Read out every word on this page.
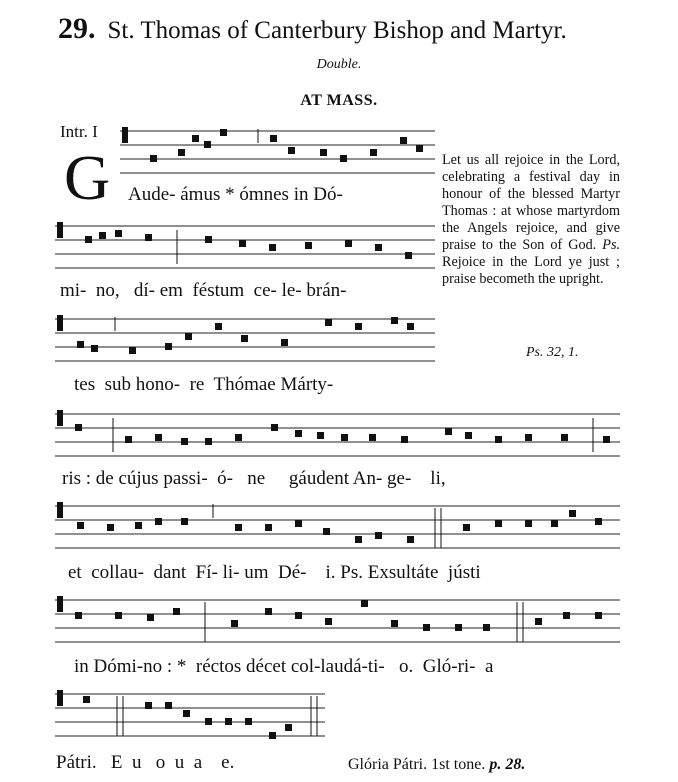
29. St. Thomas of Canterbury Bishop and Martyr.
Double.
AT MASS.
Intr. I
G Aude- ámus * ómnes in Dó-
mi-  no,   dí- em  féstum  ce- le- brán-
tes  sub hono-  re  Thómae Márty-
ris : de cújus passi-  ó-   ne     gáudent An- ge-    li,
et  collau-  dant  Fí- li- um  Dé-    i. Ps. Exsultáte  jústi
in Dómi-no : *  réctos décet col-laudá-ti-   o.  Gló-ri-  a
Pátri.   E  u   o  u  a    e.
Let us all rejoice in the Lord, celebrating a festival day in honour of the blessed Martyr Thomas : at whose martyrdom the Angels rejoice, and give praise to the Son of God. Ps. Rejoice in the Lord ye just ; praise becometh the upright.
Ps. 32, 1.
Glória Pátri. 1st tone. p. 28.
